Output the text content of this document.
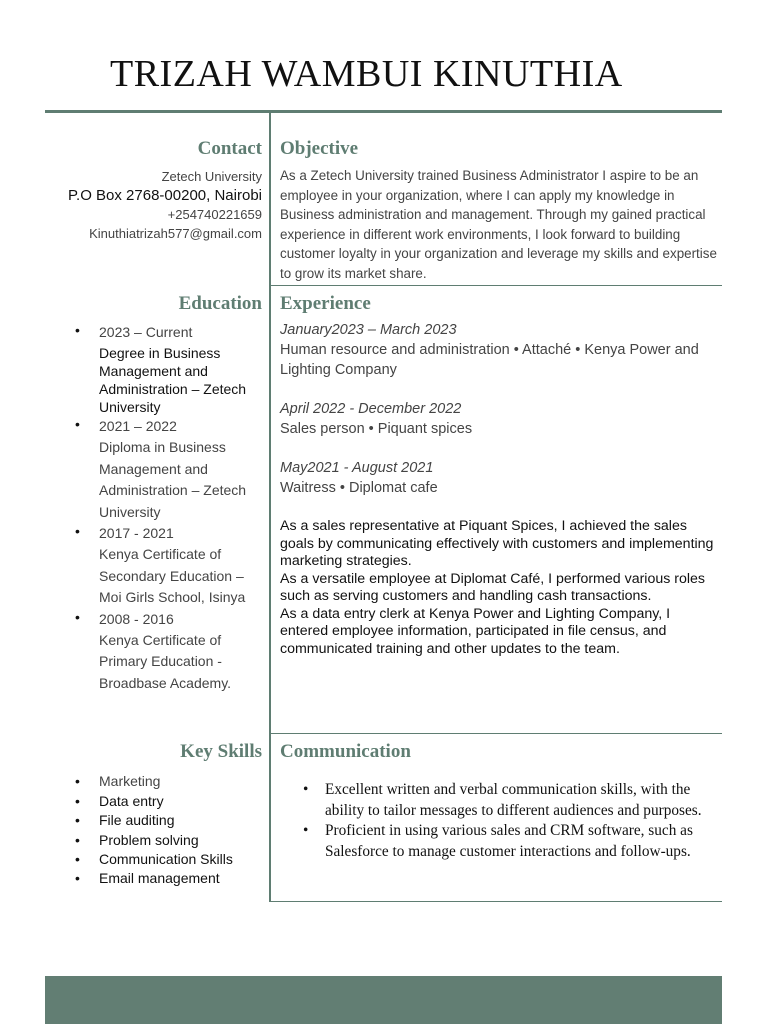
TRIZAH WAMBUI KINUTHIA
Contact
Zetech University
P.O Box 2768-00200, Nairobi
+254740221659
Kinuthiatrizah577@gmail.com
Objective
As a Zetech University trained Business Administrator I aspire to be an employee in your organization, where I can apply my knowledge in Business administration and management. Through my gained practical experience in different work environments, I look forward to building customer loyalty in your organization and leverage my skills and expertise to grow its market share.
Education
• 2023 – Current
Degree in Business Management and Administration – Zetech University
• 2021 – 2022
Diploma in Business Management and Administration – Zetech University
• 2017 - 2021
Kenya Certificate of Secondary Education – Moi Girls School, Isinya
• 2008 - 2016
Kenya Certificate of Primary Education - Broadbase Academy.
Experience
January2023 – March 2023
Human resource and administration • Attaché • Kenya Power and Lighting Company
April 2022 - December 2022
Sales person • Piquant spices
May2021 - August 2021
Waitress • Diplomat cafe
As a sales representative at Piquant Spices, I achieved the sales goals by communicating effectively with customers and implementing marketing strategies.
As a versatile employee at Diplomat Café, I performed various roles such as serving customers and handling cash transactions.
As a data entry clerk at Kenya Power and Lighting Company, I entered employee information, participated in file census, and communicated training and other updates to the team.
Key Skills
• Marketing
• Data entry
• File auditing
• Problem solving
• Communication Skills
• Email management
Communication
• Excellent written and verbal communication skills, with the ability to tailor messages to different audiences and purposes.
• Proficient in using various sales and CRM software, such as Salesforce to manage customer interactions and follow-ups.
